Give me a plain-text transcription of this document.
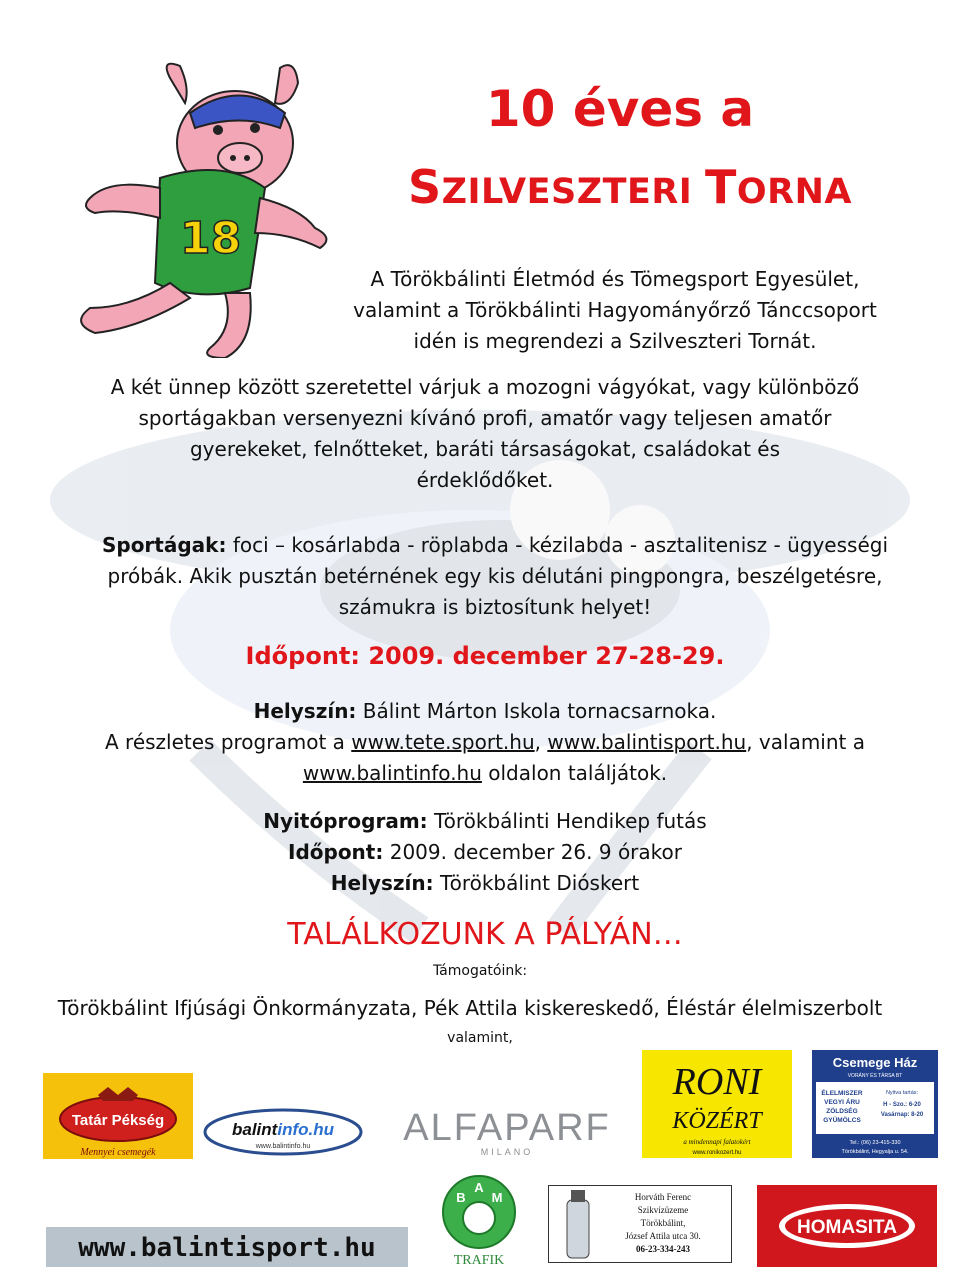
18
10 éves a
SZILVESZTERI TORNA
A Törökbálinti Életmód és Tömegsport Egyesület,
valamint a Törökbálinti Hagyományőrző Tánccsoport
idén is megrendezi a Szilveszteri Tornát.
A két ünnep között szeretettel várjuk a mozogni vágyókat, vagy különböző
sportágakban versenyezni kívánó profi, amatőr vagy teljesen amatőr
gyerekeket, felnőtteket, baráti társaságokat, családokat és
érdeklődőket.
Sportágak: foci – kosárlabda - röplabda - kézilabda - asztalitenisz - ügyességi
próbák. Akik pusztán betérnének egy kis délutáni pingpongra, beszélgetésre,
számukra is biztosítunk helyet!
Időpont: 2009. december 27-28-29.
Helyszín: Bálint Márton Iskola tornacsarnoka.
A részletes programot a www.tete.sport.hu, www.balintisport.hu, valamint a
www.balintinfo.hu oldalon találjátok.
Nyitóprogram: Törökbálinti Hendikep futás
Időpont: 2009. december 26. 9 órakor
Helyszín: Törökbálint Dióskert
TALÁLKOZUNK A PÁLYÁN…
Támogatóink:
Törökbálint Ifjúsági Önkormányzata, Pék Attila kiskereskedő, Éléstár élelmiszerbolt
valamint,
Tatár Pékség
Mennyei csemegék
balintinfo.hu
www.balintinfo.hu ALFAPARF
MILANO
RONI
KÖZÉRT
a mindennapi falatokért
www.ronikozert.hu
Csemege Ház
VORÁNY ÉS TÁRSA BT
ÉLELMISZER
VEGYI ÁRU
ZÖLDSÉG
GYÜMÖLCS
Nyitva tartás:
H - Szo.: 6-20
Vasárnap: 8-20
Tel.: (06) 23-415-330
Törökbálint, Hegyalja u. 54.
www.balintisport.hu
B
A
M
TRAFIK
Horváth Ferenc
Szikvízüzeme
Törökbálint,
József Attila utca 30.
06-23-334-243
HOMASITA
